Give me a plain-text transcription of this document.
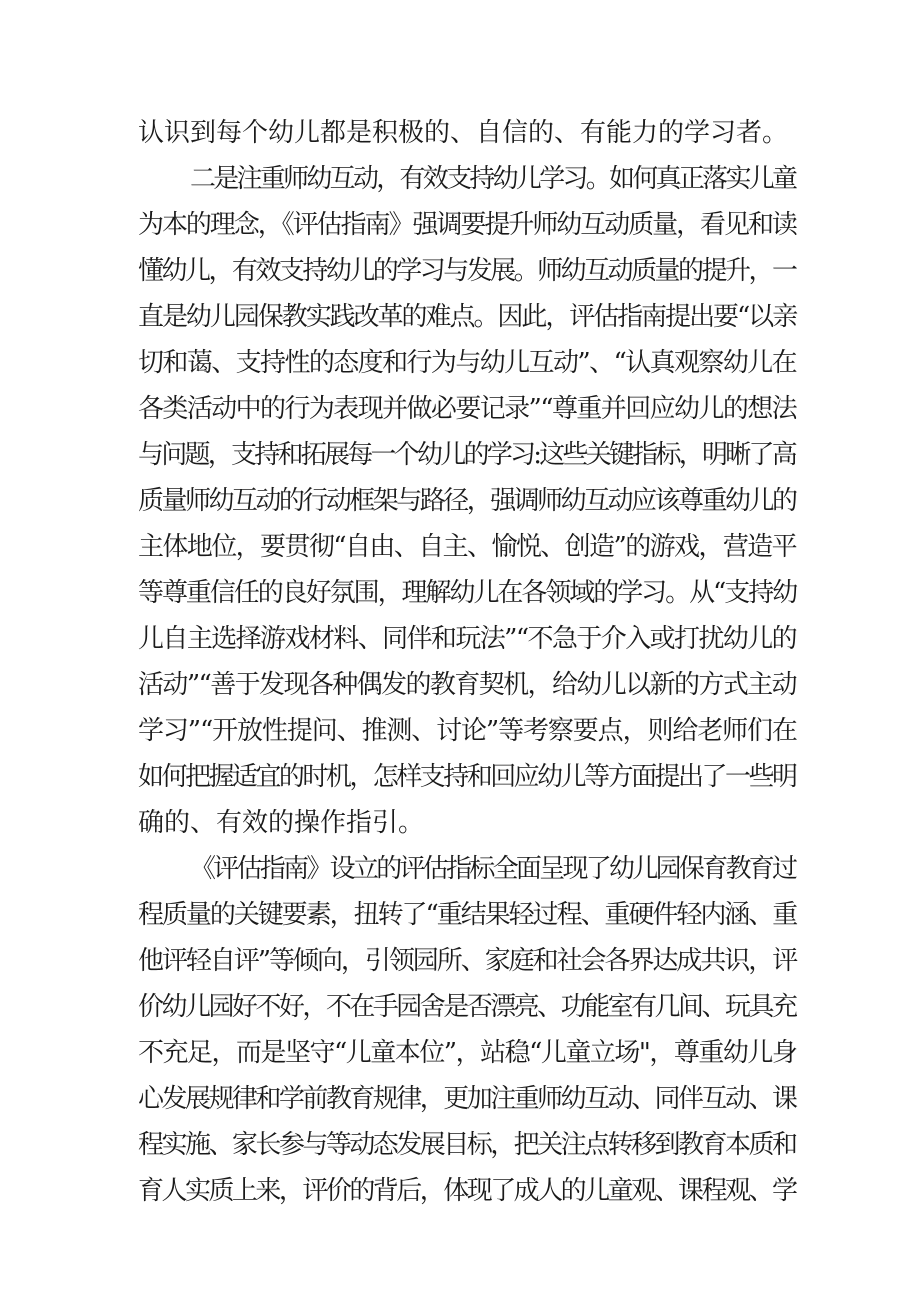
认识到每个幼儿都是积极的、自信的、有能力的学习者。
二是注重师幼互动，有效支持幼儿学习。如何真正落实儿童
为本的理念，《评估指南》强调要提升师幼互动质量，看见和读
懂幼儿，有效支持幼儿的学习与发展。师幼互动质量的提升，一
直是幼儿园保教实践改革的难点。因此，评估指南提出要“以亲
切和蔼、支持性的态度和行为与幼儿互动”、“认真观察幼儿在
各类活动中的行为表现并做必要记录”“尊重并回应幼儿的想法
与问题，支持和拓展每一个幼儿的学习:这些关键指标，明晰了高
质量师幼互动的行动框架与路径，强调师幼互动应该尊重幼儿的
主体地位，要贯彻“自由、自主、愉悦、创造”的游戏，营造平
等尊重信任的良好氛围，理解幼儿在各领域的学习。从“支持幼
儿自主选择游戏材料、同伴和玩法”“不急于介入或打扰幼儿的
活动”“善于发现各种偶发的教育契机，给幼儿以新的方式主动
学习”“开放性提问、推测、讨论”等考察要点，则给老师们在
如何把握适宜的时机，怎样支持和回应幼儿等方面提出了一些明
确的、有效的操作指引。
《评估指南》设立的评估指标全面呈现了幼儿园保育教育过
程质量的关键要素，扭转了“重结果轻过程、重硬件轻内涵、重
他评轻自评”等倾向，引领园所、家庭和社会各界达成共识，评
价幼儿园好不好，不在手园舍是否漂亮、功能室有几间、玩具充
不充足，而是坚守“儿童本位”，站稳“儿童立场"，尊重幼儿身
心发展规律和学前教育规律，更加注重师幼互动、同伴互动、课
程实施、家长参与等动态发展目标，把关注点转移到教育本质和
育人实质上来，评价的背后，体现了成人的儿童观、课程观、学
